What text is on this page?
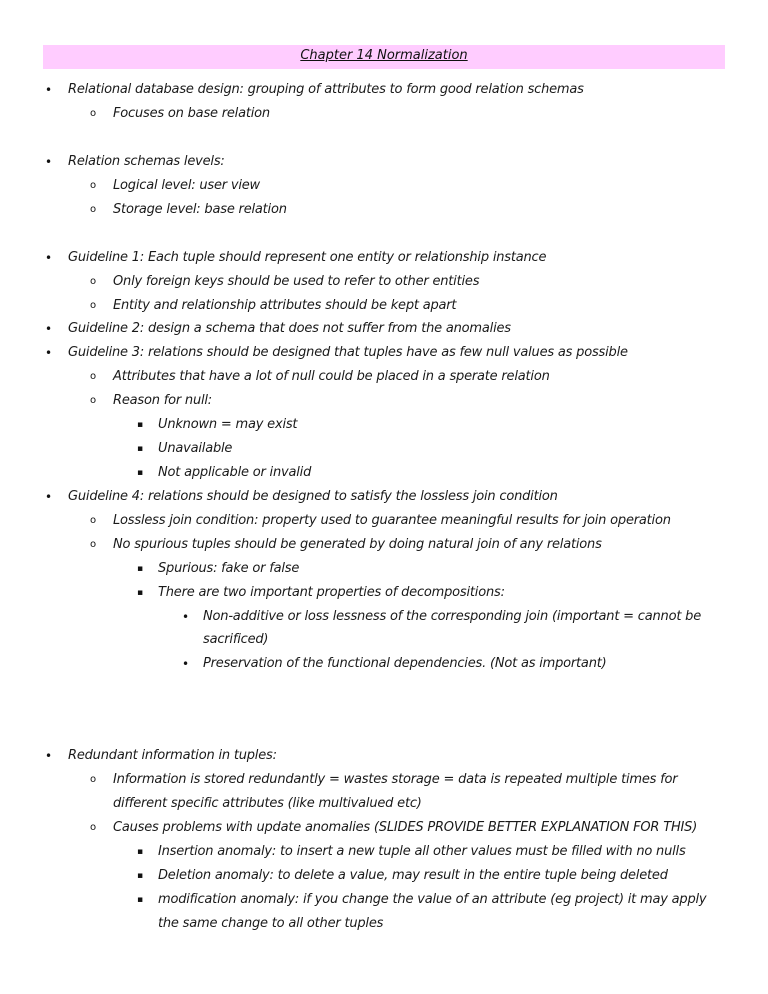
Chapter 14 Normalization
• Relational database design: grouping of attributes to form good relation schemas
o Focuses on base relation
• Relation schemas levels:
o Logical level: user view
o Storage level: base relation
• Guideline 1: Each tuple should represent one entity or relationship instance
o Only foreign keys should be used to refer to other entities
o Entity and relationship attributes should be kept apart
• Guideline 2: design a schema that does not suffer from the anomalies
• Guideline 3: relations should be designed that tuples have as few null values as possible
o Attributes that have a lot of null could be placed in a sperate relation
o Reason for null:
▪ Unknown = may exist
▪ Unavailable
▪ Not applicable or invalid
• Guideline 4: relations should be designed to satisfy the lossless join condition
o Lossless join condition: property used to guarantee meaningful results for join operation
o No spurious tuples should be generated by doing natural join of any relations
▪ Spurious: fake or false
▪ There are two important properties of decompositions:
• Non-additive or loss lessness of the corresponding join (important = cannot be
sacrificed)
• Preservation of the functional dependencies. (Not as important)
• Redundant information in tuples:
o Information is stored redundantly = wastes storage = data is repeated multiple times for
different specific attributes (like multivalued etc)
o Causes problems with update anomalies (SLIDES PROVIDE BETTER EXPLANATION FOR THIS)
▪ Insertion anomaly: to insert a new tuple all other values must be filled with no nulls
▪ Deletion anomaly: to delete a value, may result in the entire tuple being deleted
▪ modification anomaly: if you change the value of an attribute (eg project) it may apply
the same change to all other tuples
